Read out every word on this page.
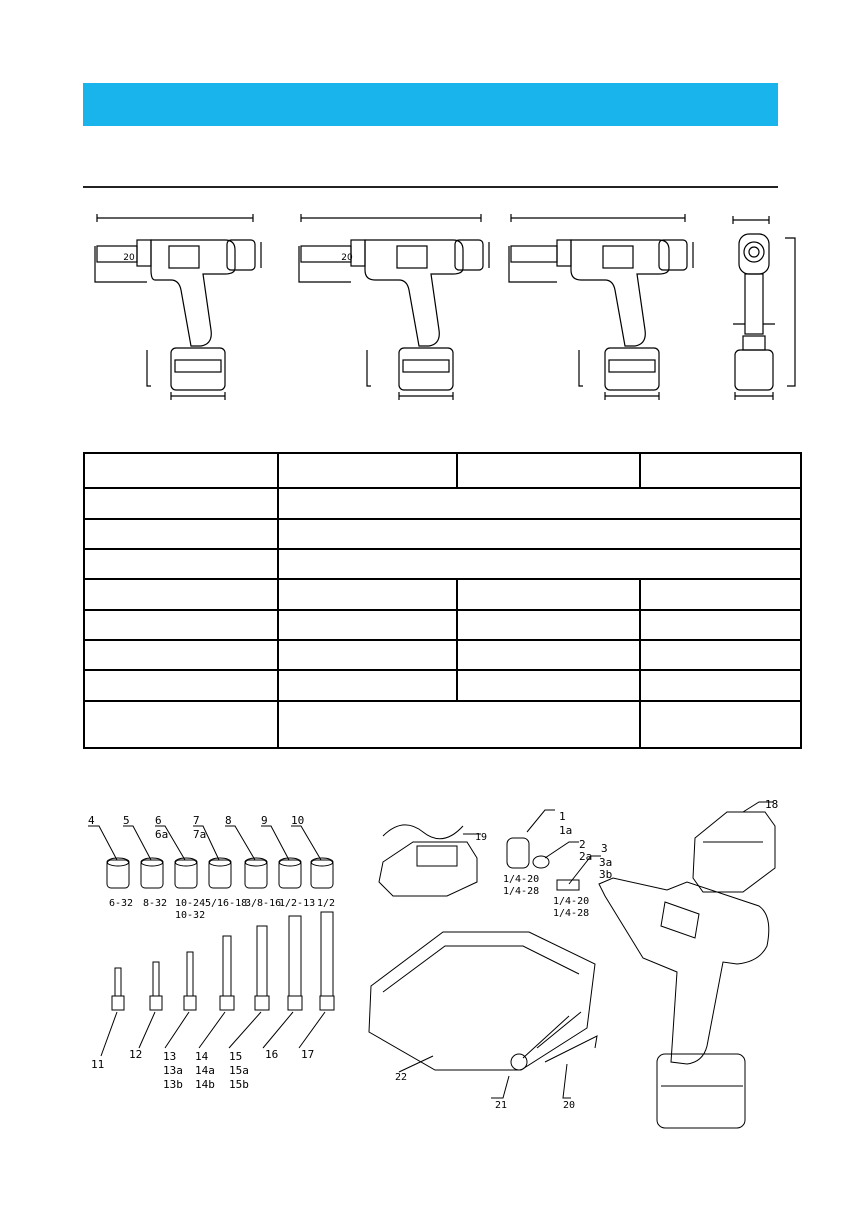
20	20
4	5 6
6a
7
7a
8	9 10
6-32 8-32 10-24
10-32
5/16-18
3/8-16
1/2-13 1/2
11
12 13
13a
13b
14
14a
14b
15
15a
15b
16 17
1
1a
2
2a
3
3a
3b
1/4-20
1/4-28
1/4-20
1/4-28
18
19
20
21
22
